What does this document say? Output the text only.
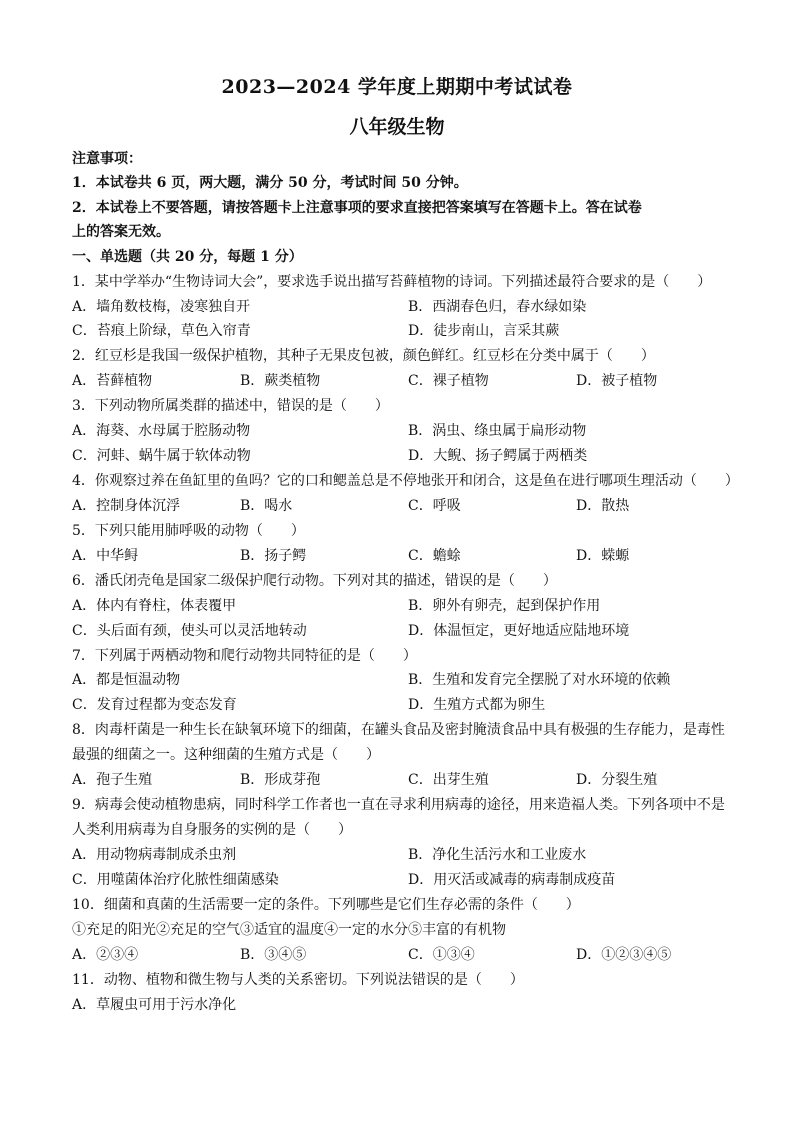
2023—2024 学年度上期期中考试试卷
八年级生物
注意事项：
1．本试卷共 6 页，两大题，满分 50 分，考试时间 50 分钟。
2．本试卷上不要答题，请按答题卡上注意事项的要求直接把答案填写在答题卡上。答在试卷
上的答案无效。
一、单选题（共 20 分，每题 1 分）
1．某中学举办“生物诗词大会”，要求选手说出描写苔藓植物的诗词。下列描述最符合要求的是（　　）
A．墙角数枝梅，凌寒独自开	B．西湖春色归，春水绿如染
C．苔痕上阶绿，草色入帘青	D．徒步南山，言采其蕨
2．红豆杉是我国一级保护植物，其种子无果皮包被，颜色鲜红。红豆杉在分类中属于（　　）
A．苔藓植物	B．蕨类植物	C．裸子植物	D．被子植物
3．下列动物所属类群的描述中，错误的是（　　）
A．海葵、水母属于腔肠动物	B．涡虫、绦虫属于扁形动物
C．河蚌、蜗牛属于软体动物	D．大鲵、扬子鳄属于两栖类
4．你观察过养在鱼缸里的鱼吗？它的口和鳃盖总是不停地张开和闭合，这是鱼在进行哪项生理活动（　　）
A．控制身体沉浮	B．喝水	C．呼吸	D．散热
5．下列只能用肺呼吸的动物（　　）
A．中华鲟	B．扬子鳄	C．蟾蜍	D．蝾螈
6．潘氏闭壳龟是国家二级保护爬行动物。下列对其的描述，错误的是（　　）
A．体内有脊柱，体表覆甲	B．卵外有卵壳，起到保护作用
C．头后面有颈，使头可以灵活地转动	D．体温恒定，更好地适应陆地环境
7．下列属于两栖动物和爬行动物共同特征的是（　　）
A．都是恒温动物	B．生殖和发育完全摆脱了对水环境的依赖
C．发育过程都为变态发育	D．生殖方式都为卵生
8．肉毒杆菌是一种生长在缺氧环境下的细菌，在罐头食品及密封腌渍食品中具有极强的生存能力，是毒性
最强的细菌之一。这种细菌的生殖方式是（　　）
A．孢子生殖	B．形成芽孢	C．出芽生殖	D．分裂生殖
9．病毒会使动植物患病，同时科学工作者也一直在寻求利用病毒的途径，用来造福人类。下列各项中不是
人类利用病毒为自身服务的实例的是（　　）
A．用动物病毒制成杀虫剂	B．净化生活污水和工业废水
C．用噬菌体治疗化脓性细菌感染	D．用灭活或减毒的病毒制成疫苗
10．细菌和真菌的生活需要一定的条件。下列哪些是它们生存必需的条件（　　）
①充足的阳光②充足的空气③适宜的温度④一定的水分⑤丰富的有机物
A．②③④	B．③④⑤	C．①③④	D．①②③④⑤
11．动物、植物和微生物与人类的关系密切。下列说法错误的是（　　）
A．草履虫可用于污水净化
